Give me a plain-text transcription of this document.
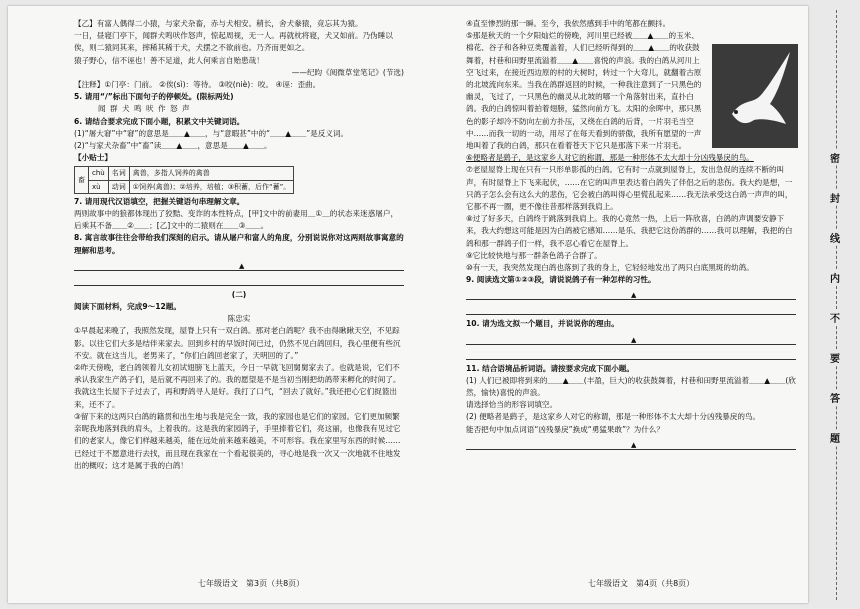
【乙】有富人偶得二小猿，与家犬杂畜，赤与犬相安。稍长，舍犬豢猿，竞忘其为猿。

一日，昼寝门亭下，闻群犬鸣吠作怒声，惊起周视，无一人。再就枕将寝，犬又如前。乃伪睡以俟，则二猿同其来，摔稀其稀于犬，犬摆之不欲前也。乃齐而更如之。

猿子野心，信不诬也！善不足道，此人何乘言自贻患哉！

——纪昀《阅微草堂笔记》(节选)

【注释】①门亭：门前。 ②俟(sì)：等待。 ③咬(niè)：咬。 ④诬：歪曲。

5. 请用“/”标出下面句子的停顿处。(限标两处)

闻 群 犬 鸣 吠 作 怒 声

6. 请结合要求完成下面小题，积累文中关键词语。

(1)“屠大窘”中“窘”的意思是＿＿▲＿＿，与“意暇甚”中的“＿＿▲＿＿”是反义词。

(2)“与家犬杂畜”中“畜”读＿＿▲＿＿，意思是＿＿▲＿＿。

【小贴士】
畜	chù	名词	禽兽，多指人饲养的禽兽
	xù	动词	①饲养(禽兽)；②培养，培植；③积蓄，后作“蓄”。

7. 请用现代汉语填空，把握关键语句串理解文章。

两则故事中的狼都体现出了狡黠、变诈的本性特点，[甲]文中的前妻用＿①＿的状态来迷惑屠户，后乘其不备＿＿②＿＿；[乙]文中的二猿则在＿＿③＿＿。

8. 寓言故事往往会带给我们深刻的启示。请从屠户和富人的角度，分别说说你对这两则故事寓意的理解和思考。

▲

(二)

阅读下面材料，完成9～12题。

陈忠实

①早晨起来晚了，我照然发现，屋脊上只有一双白鸽。那对老白鸽呢？我不由得瞅瞅天空，不见踪影。以往它们大多是结伴来家去。回到乡村的早饭时间已过，仍然不见白鸽回归，我心里便有些沉不安。就在这当儿，老男来了，“你们白鸽回老家了，天明回的了。”

②昨天傍晚，老白鸽领着儿女初试翅膀飞上蓝天，今日一早就飞回舅舅家去了。也就是说，它们不承认我家生产鸽子们，是后就不再回来了的。我的愿望是不是当初当刚把幼鸽带来孵化的时间了。我就这生长屋下子过去了，再和野鸽寻人是好。我打了口气，“回去了就好。”我还把心它们捉篮出来，还不了。

③留下来的这两只白鸽的籍贯和出生地与我是完全一致，我的家园也是它们的家园。它们更加频繁亲昵我地落到我的肩头，上着我的。这是我的家园鸽子，手里捧着它们，亮这丽，也像我有见过它们的老家人，像它们样越来越美，能在远处前来越来越美，不可形容。我在家里写东西的时候……已经过于不愿意进行去找，而且现在我家在一个看起很美的，寻心地是我一次又一次地就不住地发出的概叹；这才是属于我的白鸽！

七年级语文　第3页（共8页）

④直至惨烈的那一瞬。至今，我依然感到手中的笔都在颤抖。

⑤那是秋天的一个夕阳灿烂的傍晚，河川里已经被＿＿▲＿＿的玉米、棉花、谷子和各种豆类覆盖着，人们已经听得到的＿＿▲＿＿的收获鼓舞着，村巷和田野里流溢着＿＿▲＿＿喜悦的声浪。我的白鸽从河川上空飞过来，在接近西边原的村的大树时，转过一个大弯儿，就翻着古原的北坡流向东来。当我在鸽群返回的时候，一种我注意到了一只黑色的幽灵，飞过了，一只黑色的幽灵从北坡的哪一个角落射出来，直扑白鸽。我的白鸽惊叫着拍着翅膀，猛然向前方飞。太阳的余晖中，那只黑色的影子却冷不防向左前方扑压，又绕在白鸽的后背，一片羽毛当空中……而我一切的一动，用尽了在每天看到的骄傲，我所有愿望的一声地叫着了我的白鸽，那只在看着苍天下它只是那落下来一片羽毛。

⑥便略者是鹞子，是这家乡人对它的称谓，那是一种形体不太大却十分凶残暴戾的鸟。

⑦老屋屋脊上现在只有一只形单影孤的白鸽。它有时一点就到屋脊上，发出急促的连续不断的叫声，有时屋脊上下飞来起伏，……在它的叫声里表达着白鸽失了伴侣之后的悲伤。我大约是想，一只鸽子怎么会有这么大的悲伤，它会被白鸽叫得心里慌乱起来……我无法承受这白鸽一声声的叫，它都不再一圈，更不像往昔那样落到我肩上。

⑧过了好多天，白鸽终于跳落到我肩上。我的心竟然一热，上后一阵欣喜，白鸽的声调要安静下来，我大约想这可能是因为白鸽被它感知……是乐、我把它这份鸽群的……我可以理解，我把的白鸽和那一群鸽子们一样，我不忍心看它在屋脊上。

⑨它比较快地与那一群条色鸽子合群了。

⑩有一天，我突然发现白鸽也落到了我的身上，它轻轻地发出了两只白底黑斑的幼鸽。

9. 阅读选文第①②③段，请说说鸽子有一种怎样的习性。

▲

10. 请为选文拟一个题目，并说说你的理由。

▲

11. 结合语境品析词语。请按要求完成下面小题。

(1) 人们已被即将到来的＿＿▲＿＿(丰盈，巨大)的收获鼓舞着，村巷和田野里流溢着＿＿▲＿＿(欣然，愉快)喜悦的声浪。

请选择恰当的形容词填空。

(2) 便略者是鹞子，是这家乡人对它的称谓，那是一种形体不太大却十分凶残暴戾的鸟。

能否把句中加点词语“凶残暴戾”换成“勇猛果敢”？为什么？

▲
七年级语文　第4页（共8页）
密
封
线
内
不
要
答
题
